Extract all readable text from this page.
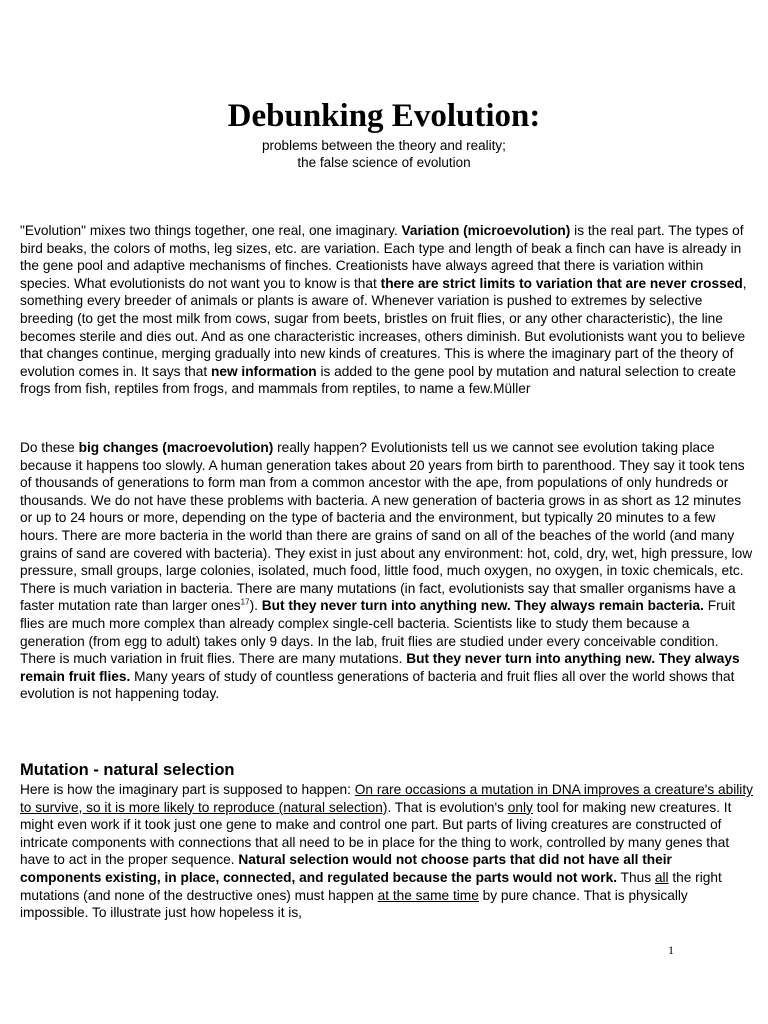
Debunking Evolution:
problems between the theory and reality;
the false science of evolution

"Evolution" mixes two things together, one real, one imaginary. Variation (microevolution) is the real part. The types of bird beaks, the colors of moths, leg sizes, etc. are variation. Each type and length of beak a finch can have is already in the gene pool and adaptive mechanisms of finches. Creationists have always agreed that there is variation within species. What evolutionists do not want you to know is that there are strict limits to variation that are never crossed, something every breeder of animals or plants is aware of. Whenever variation is pushed to extremes by selective breeding (to get the most milk from cows, sugar from beets, bristles on fruit flies, or any other characteristic), the line becomes sterile and dies out. And as one characteristic increases, others diminish. But evolutionists want you to believe that changes continue, merging gradually into new kinds of creatures. This is where the imaginary part of the theory of evolution comes in. It says that new information is added to the gene pool by mutation and natural selection to create frogs from fish, reptiles from frogs, and mammals from reptiles, to name a few.Müller

Do these big changes (macroevolution) really happen? Evolutionists tell us we cannot see evolution taking place because it happens too slowly. A human generation takes about 20 years from birth to parenthood. They say it took tens of thousands of generations to form man from a common ancestor with the ape, from populations of only hundreds or thousands. We do not have these problems with bacteria. A new generation of bacteria grows in as short as 12 minutes or up to 24 hours or more, depending on the type of bacteria and the environment, but typically 20 minutes to a few hours. There are more bacteria in the world than there are grains of sand on all of the beaches of the world (and many grains of sand are covered with bacteria). They exist in just about any environment: hot, cold, dry, wet, high pressure, low pressure, small groups, large colonies, isolated, much food, little food, much oxygen, no oxygen, in toxic chemicals, etc. There is much variation in bacteria. There are many mutations (in fact, evolutionists say that smaller organisms have a faster mutation rate than larger ones$^{17}$). But they never turn into anything new. They always remain bacteria. Fruit flies are much more complex than already complex single-cell bacteria. Scientists like to study them because a generation (from egg to adult) takes only 9 days. In the lab, fruit flies are studied under every conceivable condition. There is much variation in fruit flies. There are many mutations. But they never turn into anything new. They always remain fruit flies. Many years of study of countless generations of bacteria and fruit flies all over the world shows that evolution is not happening today.

Mutation - natural selection

Here is how the imaginary part is supposed to happen: On rare occasions a mutation in DNA improves a creature's ability to survive, so it is more likely to reproduce (natural selection). That is evolution's only tool for making new creatures. It might even work if it took just one gene to make and control one part. But parts of living creatures are constructed of intricate components with connections that all need to be in place for the thing to work, controlled by many genes that have to act in the proper sequence. Natural selection would not choose parts that did not have all their components existing, in place, connected, and regulated because the parts would not work. Thus all the right mutations (and none of the destructive ones) must happen at the same time by pure chance. That is physically impossible. To illustrate just how hopeless it is,

1
